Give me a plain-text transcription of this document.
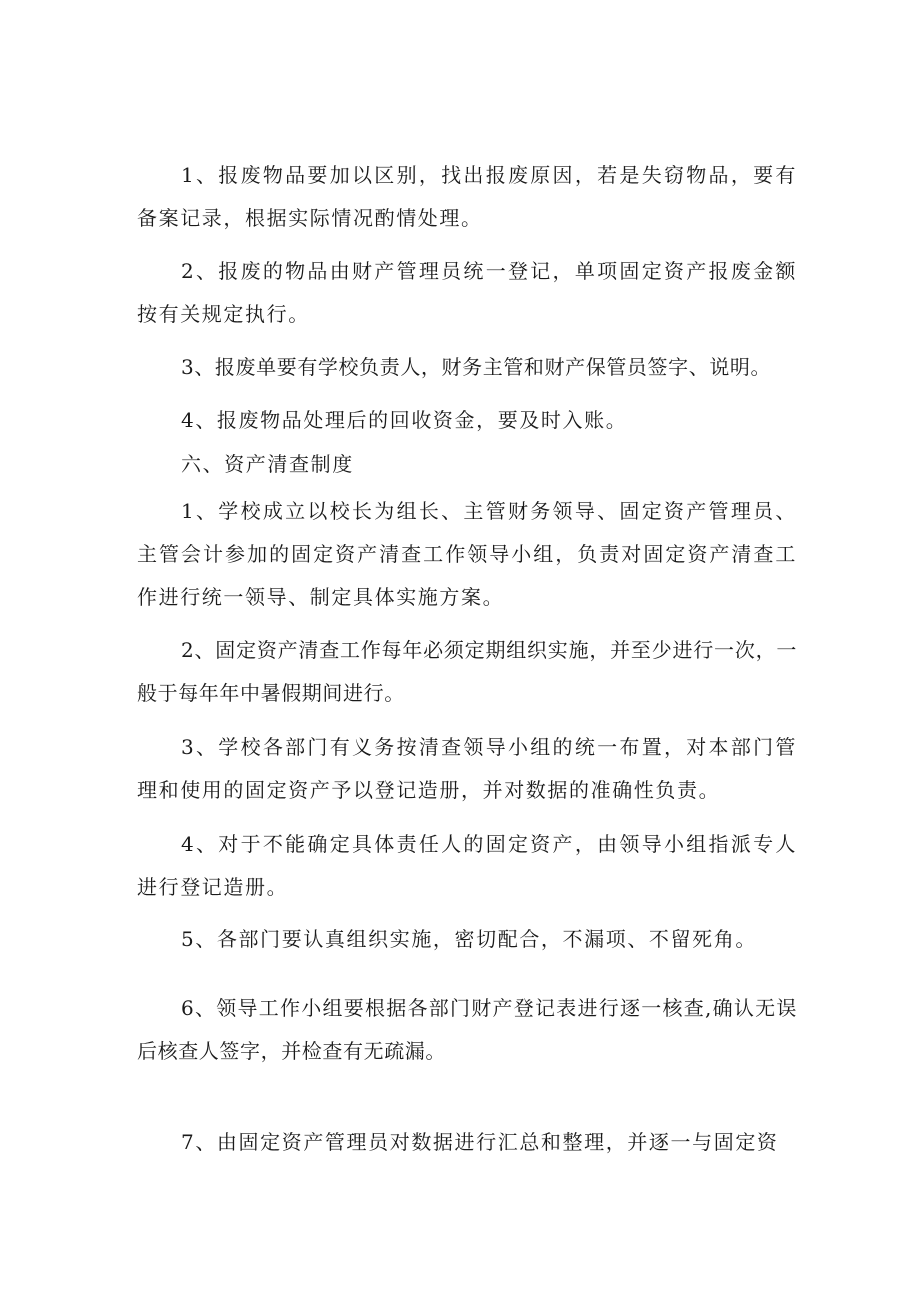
1、报废物品要加以区别，找出报废原因，若是失窃物品，要有备案记录，根据实际情况酌情处理。

2、报废的物品由财产管理员统一登记，单项固定资产报废金额按有关规定执行。

3、报废单要有学校负责人，财务主管和财产保管员签字、说明。

4、报废物品处理后的回收资金，要及时入账。

六、资产清查制度

1、学校成立以校长为组长、主管财务领导、固定资产管理员、主管会计参加的固定资产清查工作领导小组，负责对固定资产清查工作进行统一领导、制定具体实施方案。

2、固定资产清查工作每年必须定期组织实施，并至少进行一次，一般于每年年中暑假期间进行。

3、学校各部门有义务按清查领导小组的统一布置，对本部门管理和使用的固定资产予以登记造册，并对数据的准确性负责。

4、对于不能确定具体责任人的固定资产，由领导小组指派专人进行登记造册。

5、各部门要认真组织实施，密切配合，不漏项、不留死角。

6、领导工作小组要根据各部门财产登记表进行逐一核查,确认无误后核查人签字，并检查有无疏漏。

7、由固定资产管理员对数据进行汇总和整理，并逐一与固定资
